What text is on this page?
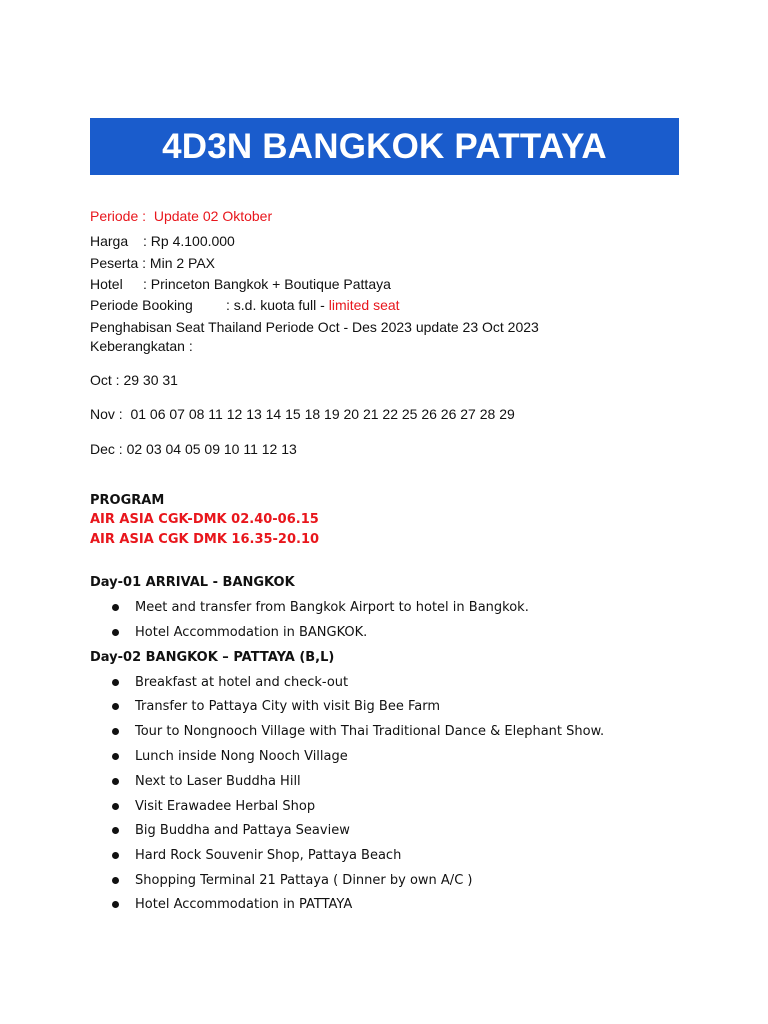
4D3N BANGKOK PATTAYA
Periode : Update 02 Oktober
Harga : Rp 4.100.000
Peserta : Min 2 PAX
Hotel : Princeton Bangkok + Boutique Pattaya
Periode Booking : s.d. kuota full - limited seat
Penghabisan Seat Thailand Periode Oct - Des 2023 update 23 Oct 2023
Keberangkatan :
Oct : 29 30 31
Nov :  01 06 07 08 11 12 13 14 15 18 19 20 21 22 25 26 26 27 28 29
Dec : 02 03 04 05 09 10 11 12 13
PROGRAM
AIR ASIA CGK-DMK 02.40-06.15
AIR ASIA CGK DMK 16.35-20.10
Day-01 ARRIVAL - BANGKOK
Meet and transfer from Bangkok Airport to hotel in Bangkok.
Hotel Accommodation in BANGKOK.
Day-02 BANGKOK – PATTAYA (B,L)
Breakfast at hotel and check-out
Transfer to Pattaya City with visit Big Bee Farm
Tour to Nongnooch Village with Thai Traditional Dance & Elephant Show.
Lunch inside Nong Nooch Village
Next to Laser Buddha Hill
Visit Erawadee Herbal Shop
Big Buddha and Pattaya Seaview
Hard Rock Souvenir Shop, Pattaya Beach
Shopping Terminal 21 Pattaya ( Dinner by own A/C )
Hotel Accommodation in PATTAYA
